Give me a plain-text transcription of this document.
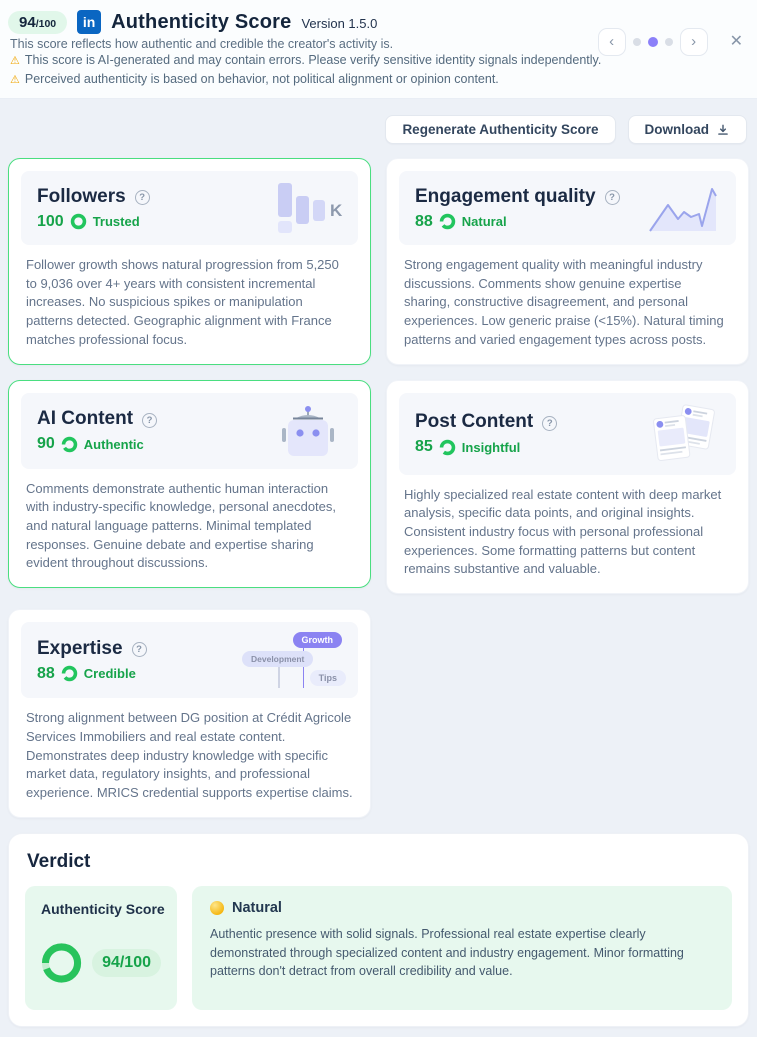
94 /100	in Authenticity Score Version 1.5.0
This score reflects how authentic and credible the creator's activity is.
⚠ This score is AI-generated and may contain errors. Please verify sensitive identity signals independently.
⚠ Perceived authenticity is based on behavior, not political alignment or opinion content.
‹	›	✕
Regenerate Authenticity Score	Download
Followers	?
100 Trusted
K
Follower growth shows natural progression from 5,250 to 9,036 over 4+ years with consistent incremental increases. No suspicious spikes or manipulation patterns detected. Geographic alignment with France matches professional focus.
Engagement quality	?
88 Natural
Strong engagement quality with meaningful industry discussions. Comments show genuine expertise sharing, constructive disagreement, and personal experiences. Low generic praise (<15%). Natural timing patterns and varied engagement types across posts.
AI Content	?
90 Authentic
Comments demonstrate authentic human interaction with industry-specific knowledge, personal anecdotes, and natural language patterns. Minimal templated responses. Genuine debate and expertise sharing evident throughout discussions.
Post Content	?
85 Insightful
Highly specialized real estate content with deep market analysis, specific data points, and original insights. Consistent industry focus with personal professional experiences. Some formatting patterns but content remains substantive and valuable.
Expertise	?
88 Credible
Growth
Development
Tips
Strong alignment between DG position at Crédit Agricole Services Immobiliers and real estate content. Demonstrates deep industry knowledge with specific market data, regulatory insights, and professional experience. MRICS credential supports expertise claims.
Verdict
Authenticity Score
94/100
Natural
Authentic presence with solid signals. Professional real estate expertise clearly demonstrated through specialized content and industry engagement. Minor formatting patterns don't detract from overall credibility and value.
